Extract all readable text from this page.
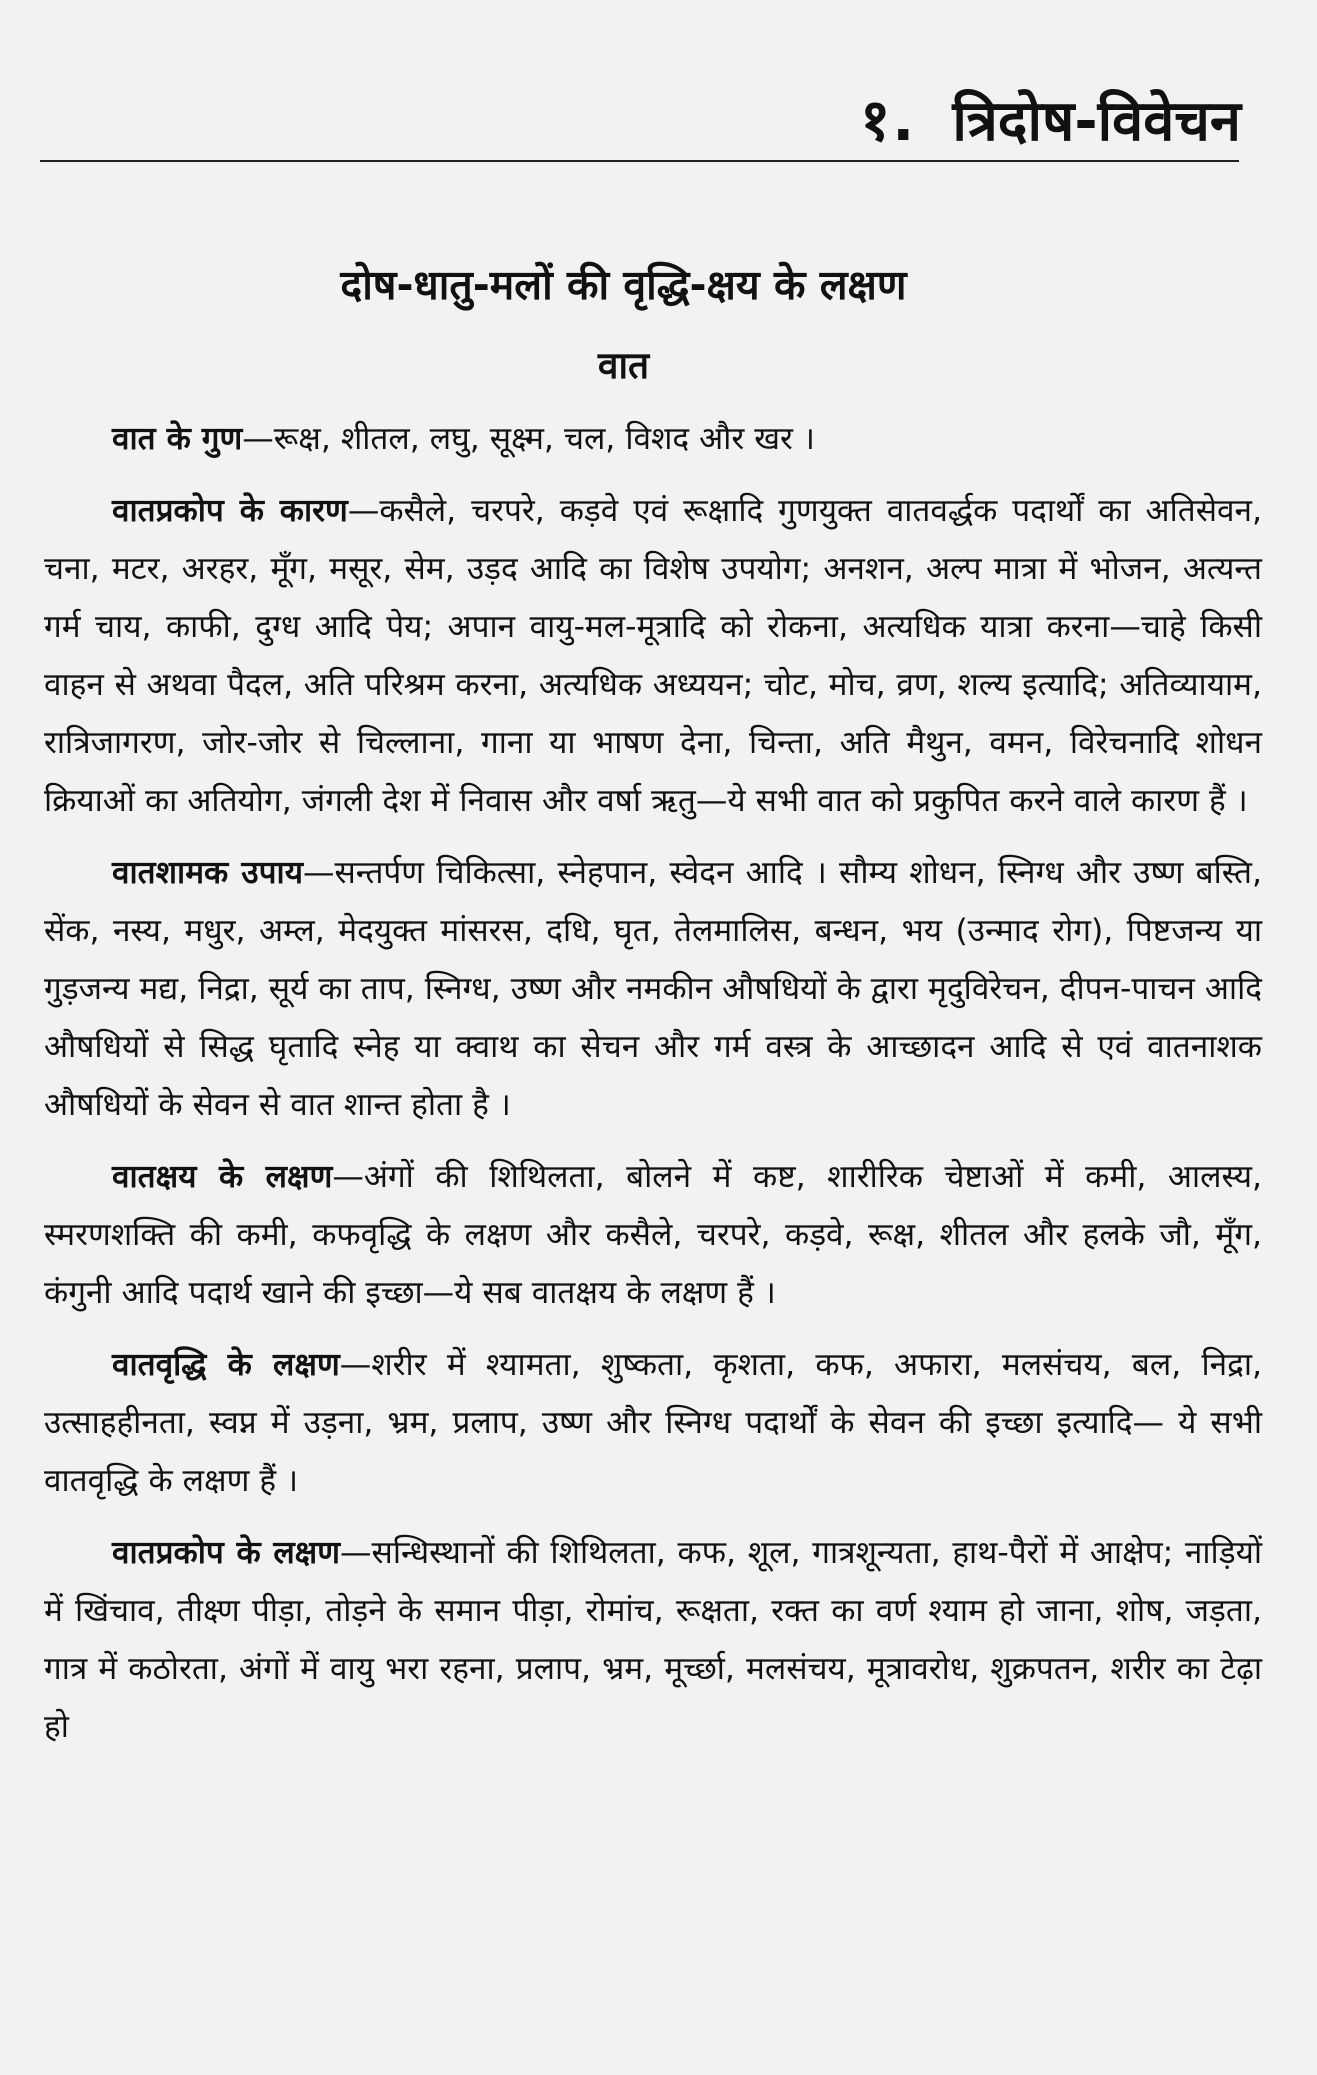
१. त्रिदोष-विवेचन
दोष-धातु-मलों की वृद्धि-क्षय के लक्षण
वात

वात के गुण—रूक्ष, शीतल, लघु, सूक्ष्म, चल, विशद और खर ।

वातप्रकोप के कारण—कसैले, चरपरे, कड़वे एवं रूक्षादि गुणयुक्त वातवर्द्धक पदार्थों का अतिसेवन, चना, मटर, अरहर, मूँग, मसूर, सेम, उड़द आदि का विशेष उपयोग; अनशन, अल्प मात्रा में भोजन, अत्यन्त गर्म चाय, काफी, दुग्ध आदि पेय; अपान वायु-मल-मूत्रादि को रोकना, अत्यधिक यात्रा करना—चाहे किसी वाहन से अथवा पैदल, अति परिश्रम करना, अत्यधिक अध्ययन; चोट, मोच, व्रण, शल्य इत्यादि; अतिव्यायाम, रात्रिजागरण, जोर-जोर से चिल्लाना, गाना या भाषण देना, चिन्ता, अति मैथुन, वमन, विरेचनादि शोधन क्रियाओं का अतियोग, जंगली देश में निवास और वर्षा ऋतु—ये सभी वात को प्रकुपित करने वाले कारण हैं ।

वातशामक उपाय—सन्तर्पण चिकित्सा, स्नेहपान, स्वेदन आदि । सौम्य शोधन, स्निग्ध और उष्ण बस्ति, सेंक, नस्य, मधुर, अम्ल, मेदयुक्त मांसरस, दधि, घृत, तेलमालिस, बन्धन, भय (उन्माद रोग), पिष्टजन्य या गुड़जन्य मद्य, निद्रा, सूर्य का ताप, स्निग्ध, उष्ण और नमकीन औषधियों के द्वारा मृदुविरेचन, दीपन-पाचन आदि औषधियों से सिद्ध घृतादि स्नेह या क्वाथ का सेचन और गर्म वस्त्र के आच्छादन आदि से एवं वातनाशक औषधियों के सेवन से वात शान्त होता है ।

वातक्षय के लक्षण—अंगों की शिथिलता, बोलने में कष्ट, शारीरिक चेष्टाओं में कमी, आलस्य, स्मरणशक्ति की कमी, कफवृद्धि के लक्षण और कसैले, चरपरे, कड़वे, रूक्ष, शीतल और हलके जौ, मूँग, कंगुनी आदि पदार्थ खाने की इच्छा—ये सब वातक्षय के लक्षण हैं ।

वातवृद्धि के लक्षण—शरीर में श्यामता, शुष्कता, कृशता, कफ, अफारा, मलसंचय, बल, निद्रा, उत्साहहीनता, स्वप्न में उड़ना, भ्रम, प्रलाप, उष्ण और स्निग्ध पदार्थों के सेवन की इच्छा इत्यादि— ये सभी वातवृद्धि के लक्षण हैं ।

वातप्रकोप के लक्षण—सन्धिस्थानों की शिथिलता, कफ, शूल, गात्रशून्यता, हाथ-पैरों में आक्षेप; नाड़ियों में खिंचाव, तीक्ष्ण पीड़ा, तोड़ने के समान पीड़ा, रोमांच, रूक्षता, रक्त का वर्ण श्याम हो जाना, शोष, जड़ता, गात्र में कठोरता, अंगों में वायु भरा रहना, प्रलाप, भ्रम, मूर्च्छा, मलसंचय, मूत्रावरोध, शुक्रपतन, शरीर का टेढ़ा हो
